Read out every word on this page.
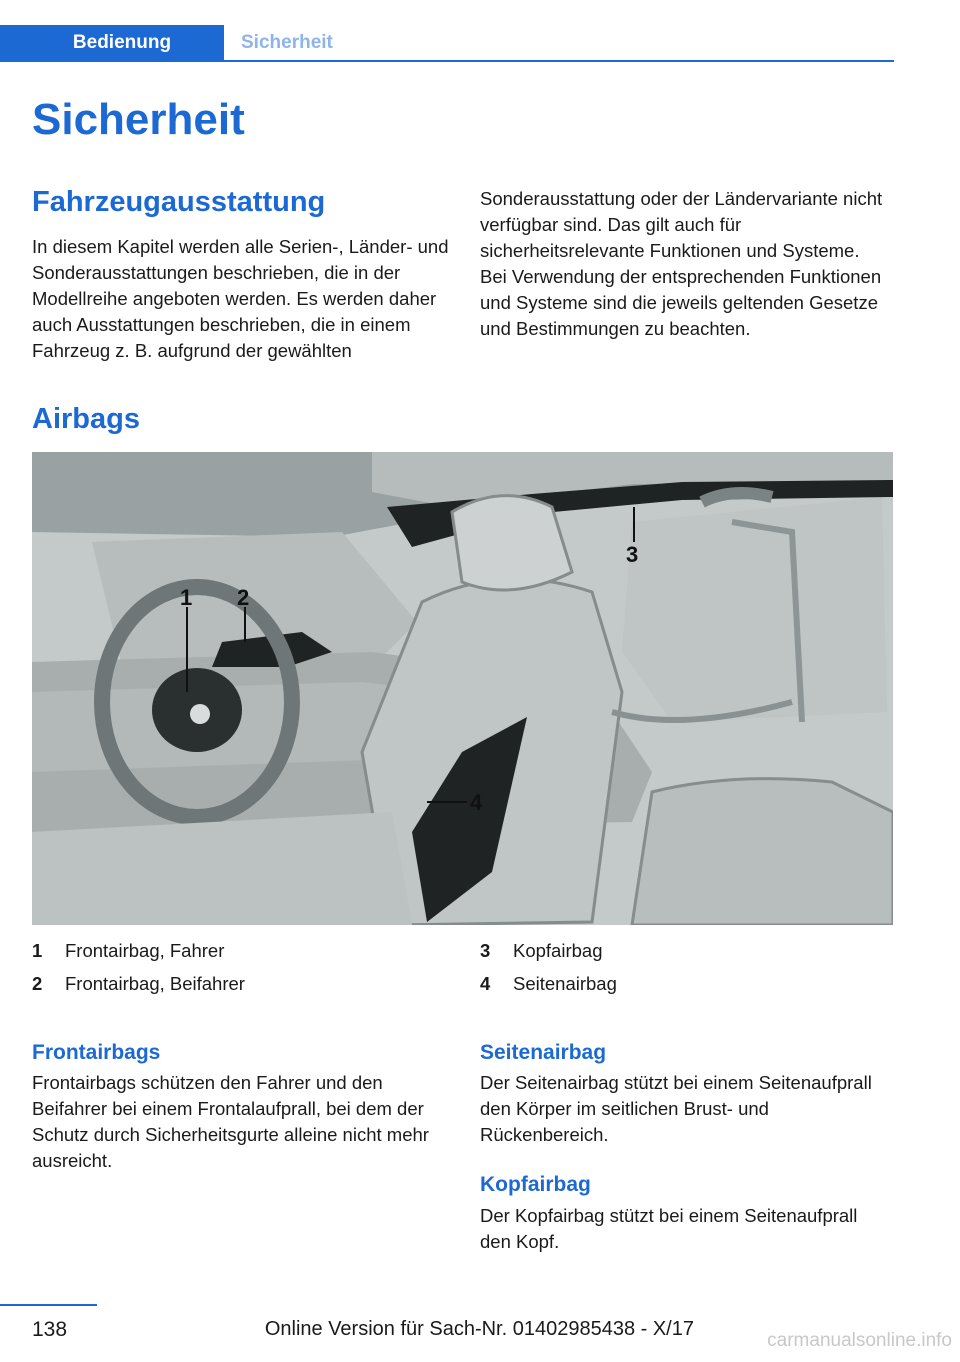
Bedienung	Sicherheit
Sicherheit
Fahrzeugausstattung
In diesem Kapitel werden alle Serien-, Länder- und Sonderausstattungen beschrieben, die in der Modellreihe angeboten werden. Es werden daher auch Ausstattungen beschrieben, die in einem Fahrzeug z. B. aufgrund der gewählten
Sonderausstattung oder der Ländervariante nicht verfügbar sind. Das gilt auch für sicherheitsrelevante Funktionen und Systeme. Bei Verwendung der entsprechenden Funktionen und Systeme sind die jeweils geltenden Gesetze und Bestimmungen zu beachten.
Airbags
1 2
3
4
1	Frontairbag, Fahrer
2	Frontairbag, Beifahrer
3	Kopfairbag
4	Seitenairbag
Frontairbags
Frontairbags schützen den Fahrer und den Beifahrer bei einem Frontalaufprall, bei dem der Schutz durch Sicherheitsgurte alleine nicht mehr ausreicht.
Seitenairbag
Der Seitenairbag stützt bei einem Seitenaufprall den Körper im seitlichen Brust- und Rückenbereich.
Kopfairbag
Der Kopfairbag stützt bei einem Seitenaufprall den Kopf.
138	Online Version für Sach-Nr. 01402985438 - X/17
carmanualsonline.info
